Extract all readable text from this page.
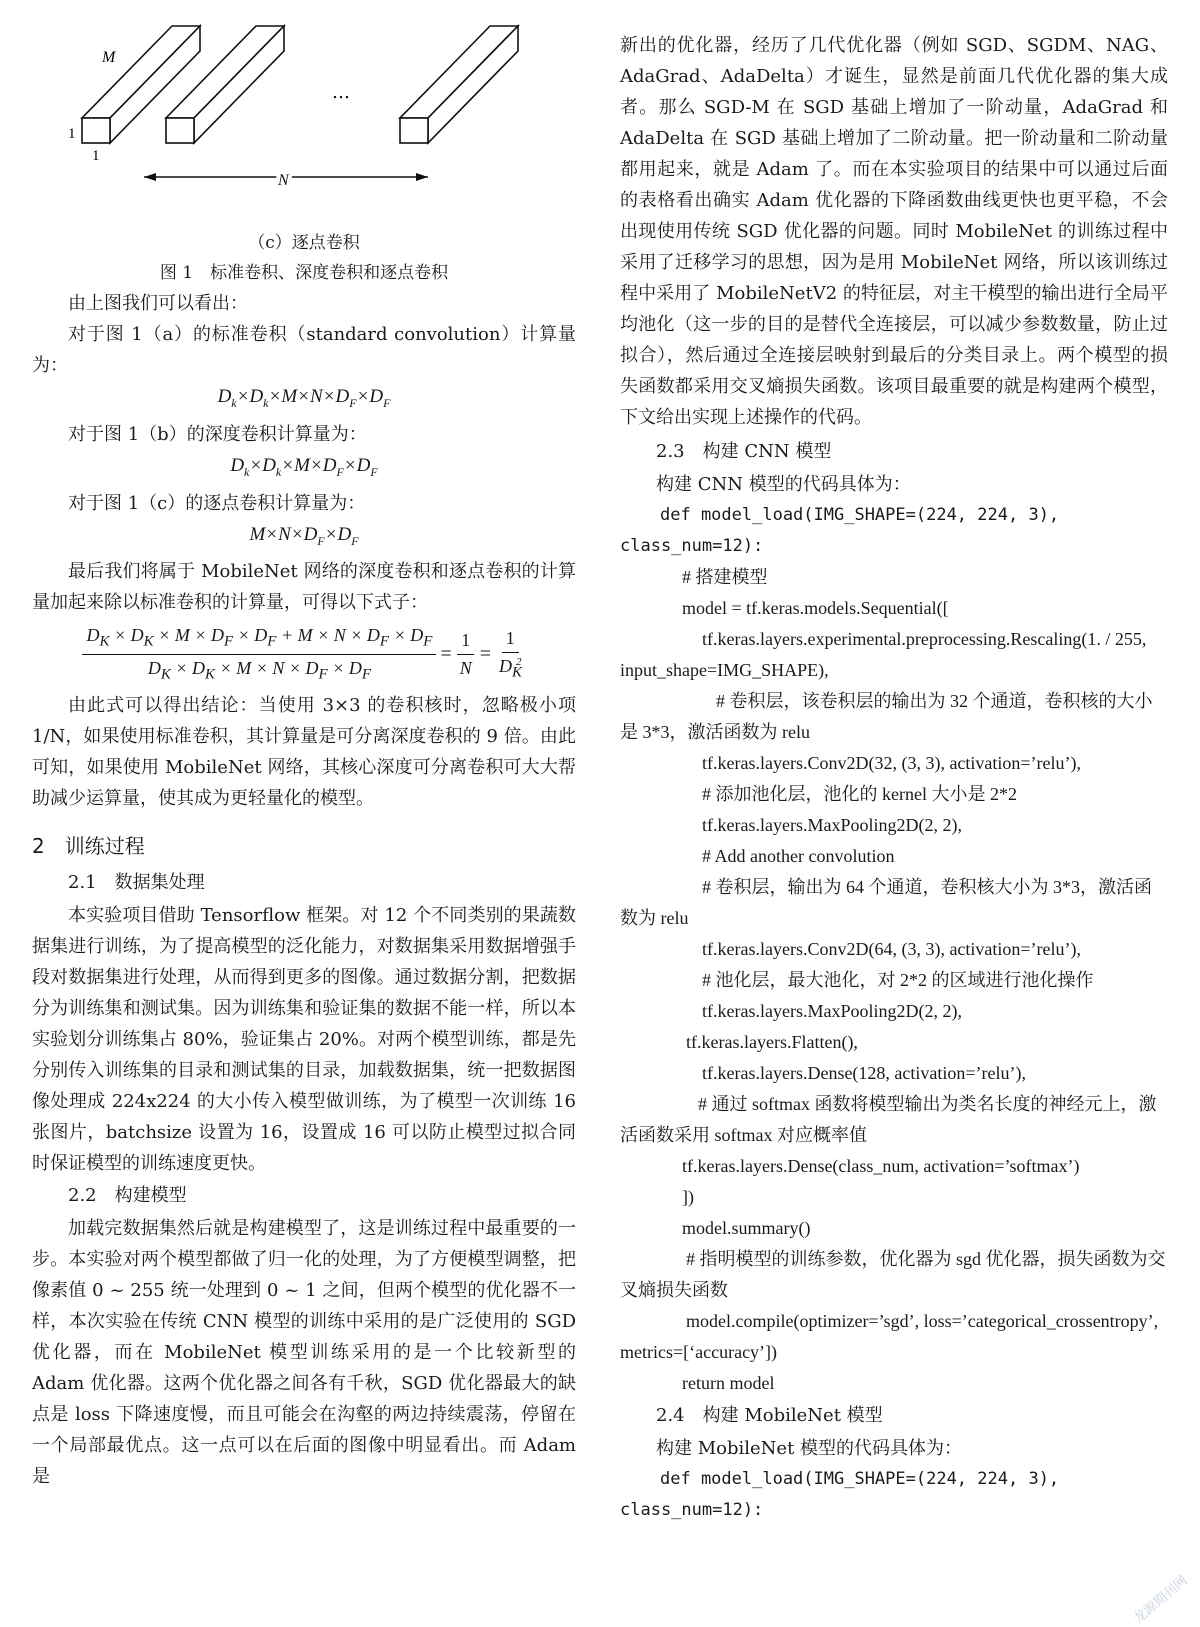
M
1
1
…
N

（c）逐点卷积

图 1　标准卷积、深度卷积和逐点卷积

由上图我们可以看出：

对于图 1（a）的标准卷积（standard convolution）计算量为：

$D_k\times D_k\times M\times N\times D_F\times D_F$

对于图 1（b）的深度卷积计算量为：

$D_k\times D_k\times M\times D_F\times D_F$

对于图 1（c）的逐点卷积计算量为：

$M\times N\times D_F\times D_F$

最后我们将属于 MobileNet 网络的深度卷积和逐点卷积的计算量加起来除以标准卷积的计算量，可得以下式子：

$\frac{D_K \times D_K \times M \times D_F \times D_F + M \times N \times D_F \times D_F}{D_K \times D_K \times M \times N \times D_F \times D_F} = \frac{1}{N} = \frac{1}{D_K^2}$

由此式可以得出结论：当使用 3×3 的卷积核时，忽略极小项 1/N，如果使用标准卷积，其计算量是可分离深度卷积的 9 倍。由此可知，如果使用 MobileNet 网络，其核心深度可分离卷积可大大帮助减少运算量，使其成为更轻量化的模型。

2　训练过程

2.1　数据集处理

本实验项目借助 Tensorflow 框架。对 12 个不同类别的果蔬数据集进行训练，为了提高模型的泛化能力，对数据集采用数据增强手段对数据集进行处理，从而得到更多的图像。通过数据分割，把数据分为训练集和测试集。因为训练集和验证集的数据不能一样，所以本实验划分训练集占 80%，验证集占 20%。对两个模型训练，都是先分别传入训练集的目录和测试集的目录，加载数据集，统一把数据图像处理成 224x224 的大小传入模型做训练，为了模型一次训练 16 张图片，batchsize 设置为 16，设置成 16 可以防止模型过拟合同时保证模型的训练速度更快。

2.2　构建模型

加载完数据集然后就是构建模型了，这是训练过程中最重要的一步。本实验对两个模型都做了归一化的处理，为了方便模型调整，把像素值 0 ~ 255 统一处理到 0 ~ 1 之间，但两个模型的优化器不一样，本次实验在传统 CNN 模型的训练中采用的是广泛使用的 SGD 优化器，而在 MobileNet 模型训练采用的是一个比较新型的 Adam 优化器。这两个优化器之间各有千秋，SGD 优化器最大的缺点是 loss 下降速度慢，而且可能会在沟壑的两边持续震荡，停留在一个局部最优点。这一点可以在后面的图像中明显看出。而 Adam 是

新出的优化器，经历了几代优化器（例如 SGD、SGDM、NAG、AdaGrad、AdaDelta）才诞生，显然是前面几代优化器的集大成者。那么 SGD-M 在 SGD 基础上增加了一阶动量，AdaGrad 和 AdaDelta 在 SGD 基础上增加了二阶动量。把一阶动量和二阶动量都用起来，就是 Adam 了。而在本实验项目的结果中可以通过后面的表格看出确实 Adam 优化器的下降函数曲线更快也更平稳，不会出现使用传统 SGD 优化器的问题。同时 MobileNet 的训练过程中采用了迁移学习的思想，因为是用 MobileNet 网络，所以该训练过程中采用了 MobileNetV2 的特征层，对主干模型的输出进行全局平均池化（这一步的目的是替代全连接层，可以减少参数数量，防止过拟合），然后通过全连接层映射到最后的分类目录上。两个模型的损失函数都采用交叉熵损失函数。该项目最重要的就是构建两个模型，下文给出实现上述操作的代码。

2.3　构建 CNN 模型

构建 CNN 模型的代码具体为：

def model_load(IMG_SHAPE=(224, 224, 3), class_num=12):

# 搭建模型

model = tf.keras.models.Sequential([

tf.keras.layers.experimental.preprocessing.Rescaling(1. / 255, input_shape=IMG_SHAPE),

# 卷积层，该卷积层的输出为 32 个通道，卷积核的大小是 3*3，激活函数为 relu

tf.keras.layers.Conv2D(32, (3, 3), activation=’relu’),

# 添加池化层，池化的 kernel 大小是 2*2

tf.keras.layers.MaxPooling2D(2, 2),

# Add another convolution

# 卷积层，输出为 64 个通道，卷积核大小为 3*3，激活函数为 relu

tf.keras.layers.Conv2D(64, (3, 3), activation=’relu’),

# 池化层，最大池化，对 2*2 的区域进行池化操作

tf.keras.layers.MaxPooling2D(2, 2),

tf.keras.layers.Flatten(),

tf.keras.layers.Dense(128, activation=’relu’),

# 通过 softmax 函数将模型输出为类名长度的神经元上，激活函数采用 softmax 对应概率值

tf.keras.layers.Dense(class_num, activation=’softmax’)

])

model.summary()

# 指明模型的训练参数，优化器为 sgd 优化器，损失函数为交叉熵损失函数

model.compile(optimizer=’sgd’, loss=’categorical_crossentropy’, metrics=[‘accuracy’])

return model

2.4　构建 MobileNet 模型

构建 MobileNet 模型的代码具体为：

def model_load(IMG_SHAPE=(224, 224, 3), class_num=12):

龙源期刊网
